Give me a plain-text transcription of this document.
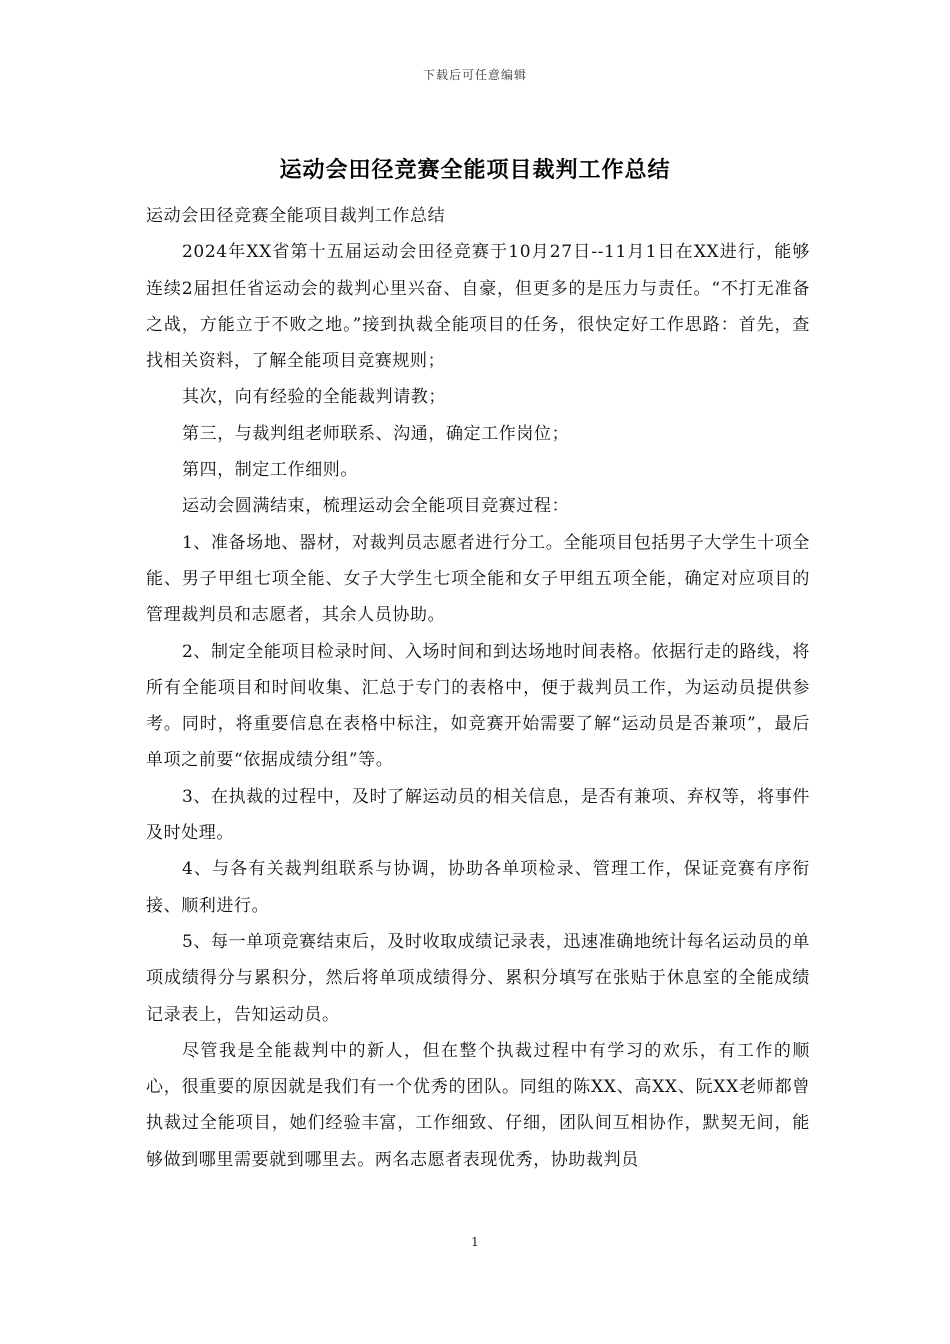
下载后可任意编辑
运动会田径竞赛全能项目裁判工作总结

运动会田径竞赛全能项目裁判工作总结

2024年XX省第十五届运动会田径竞赛于10月27日--11月1日在XX进行，能够连续2届担任省运动会的裁判心里兴奋、自豪，但更多的是压力与责任。“不打无准备之战，方能立于不败之地。”接到执裁全能项目的任务，很快定好工作思路：首先，查找相关资料，了解全能项目竞赛规则；

其次，向有经验的全能裁判请教；

第三，与裁判组老师联系、沟通，确定工作岗位；

第四，制定工作细则。

运动会圆满结束，梳理运动会全能项目竞赛过程：

1、准备场地、器材，对裁判员志愿者进行分工。全能项目包括男子大学生十项全能、男子甲组七项全能、女子大学生七项全能和女子甲组五项全能，确定对应项目的管理裁判员和志愿者，其余人员协助。

2、制定全能项目检录时间、入场时间和到达场地时间表格。依据行走的路线，将所有全能项目和时间收集、汇总于专门的表格中，便于裁判员工作，为运动员提供参考。同时，将重要信息在表格中标注，如竞赛开始需要了解“运动员是否兼项”，最后单项之前要“依据成绩分组”等。

3、在执裁的过程中，及时了解运动员的相关信息，是否有兼项、弃权等，将事件及时处理。

4、与各有关裁判组联系与协调，协助各单项检录、管理工作，保证竞赛有序衔接、顺利进行。

5、每一单项竞赛结束后，及时收取成绩记录表，迅速准确地统计每名运动员的单项成绩得分与累积分，然后将单项成绩得分、累积分填写在张贴于休息室的全能成绩记录表上，告知运动员。

尽管我是全能裁判中的新人，但在整个执裁过程中有学习的欢乐，有工作的顺心，很重要的原因就是我们有一个优秀的团队。同组的陈XX、高XX、阮XX老师都曾执裁过全能项目，她们经验丰富，工作细致、仔细，团队间互相协作，默契无间，能够做到哪里需要就到哪里去。两名志愿者表现优秀，协助裁判员

1
